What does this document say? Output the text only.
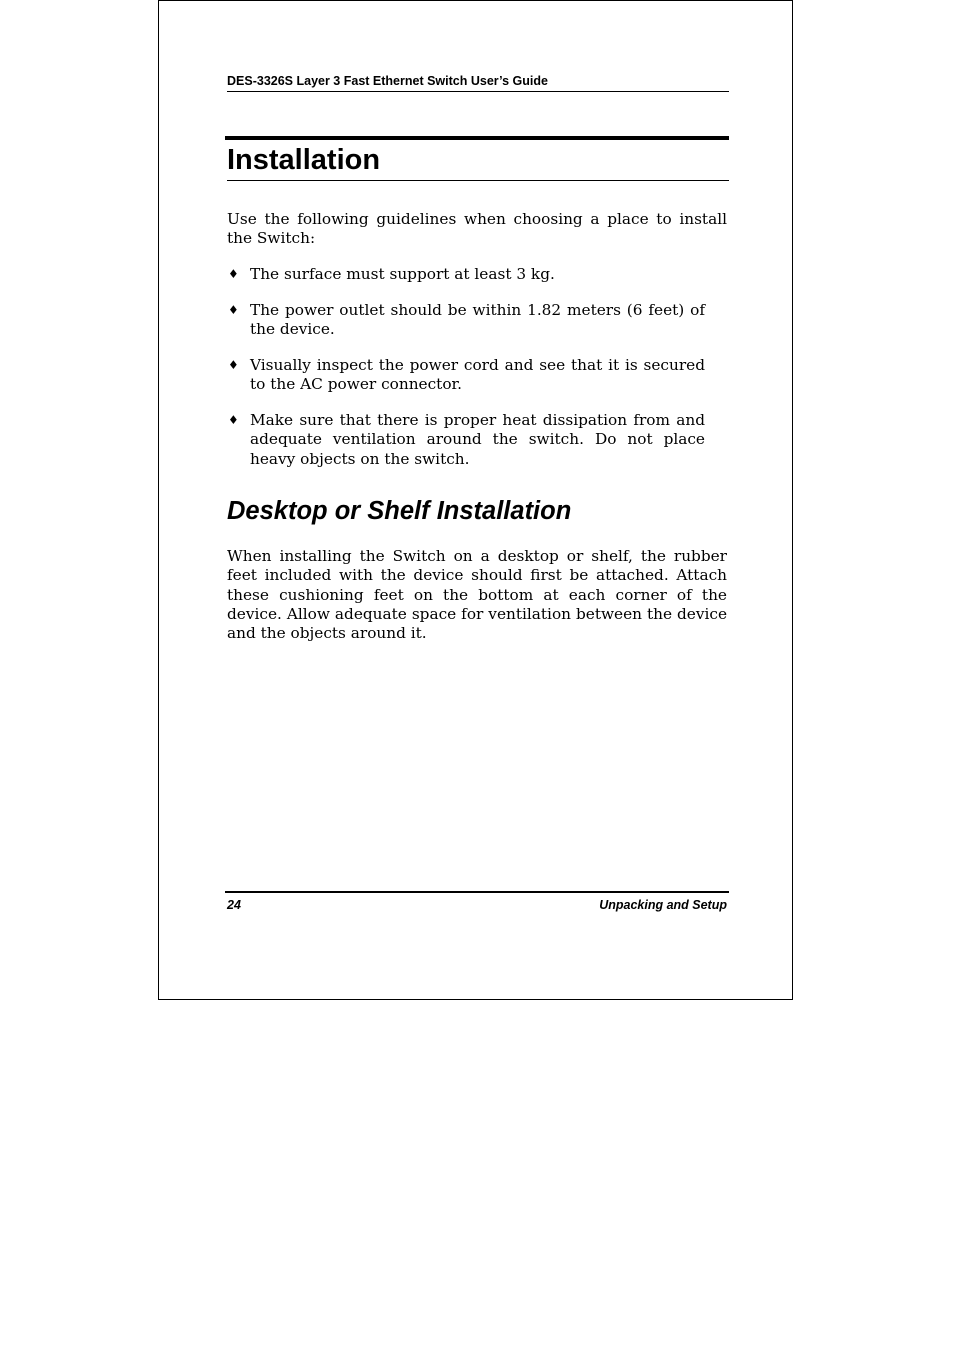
DES-3326S Layer 3 Fast Ethernet Switch User’s Guide
Installation

Use the following guidelines when choosing a place to install the Switch:

♦ The surface must support at least 3 kg.
♦ The power outlet should be within 1.82 meters (6 feet) of the device.
♦ Visually inspect the power cord and see that it is secured to the AC power connector.
♦ Make sure that there is proper heat dissipation from and adequate ventilation around the switch. Do not place heavy objects on the switch.
Desktop or Shelf Installation

When installing the Switch on a desktop or shelf, the rubber feet included with the device should first be attached. Attach these cushioning feet on the bottom at each corner of the device. Allow adequate space for ventilation between the device and the objects around it.

24	Unpacking and Setup
